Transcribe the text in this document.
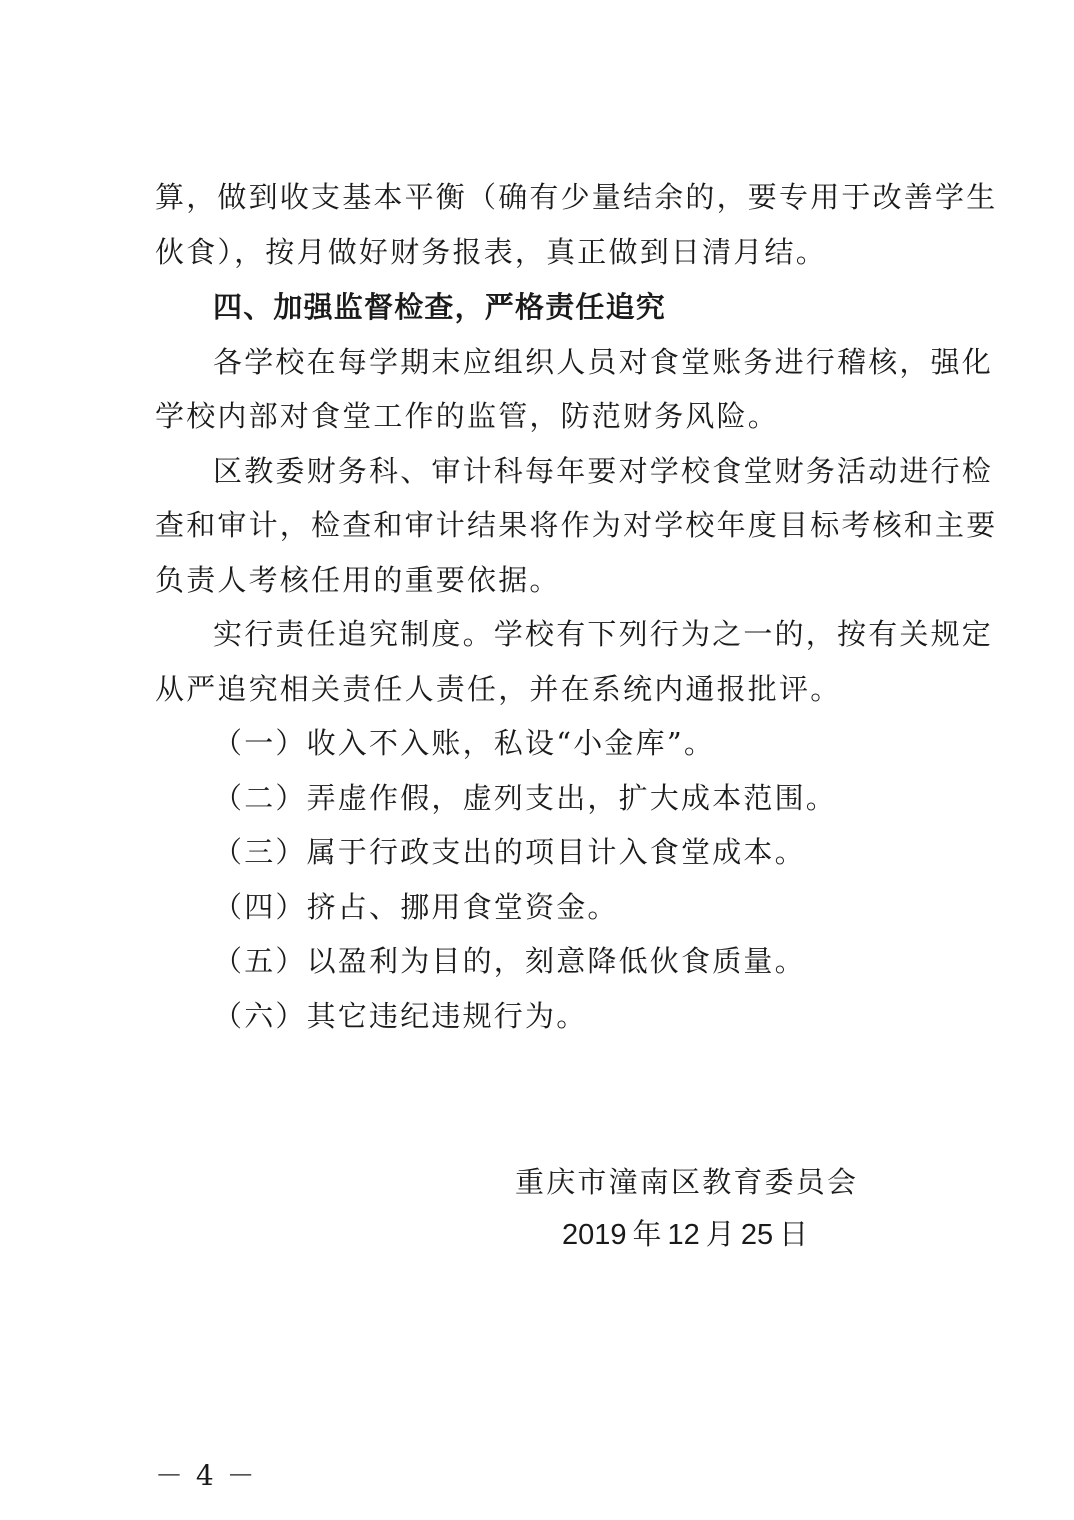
算，做到收支基本平衡（确有少量结余的，要专用于改善学生
伙食），按月做好财务报表，真正做到日清月结。
四、加强监督检查，严格责任追究
各学校在每学期末应组织人员对食堂账务进行稽核，强化
学校内部对食堂工作的监管，防范财务风险。
区教委财务科、审计科每年要对学校食堂财务活动进行检
查和审计，检查和审计结果将作为对学校年度目标考核和主要
负责人考核任用的重要依据。
实行责任追究制度。学校有下列行为之一的，按有关规定
从严追究相关责任人责任，并在系统内通报批评。
（一）收入不入账，私设“小金库”。
（二）弄虚作假，虚列支出，扩大成本范围。
（三）属于行政支出的项目计入食堂成本。
（四）挤占、挪用食堂资金。
（五）以盈利为目的，刻意降低伙食质量。
（六）其它违纪违规行为。
重庆市潼南区教育委员会
2019 年 12 月 25 日
－ 4 －
